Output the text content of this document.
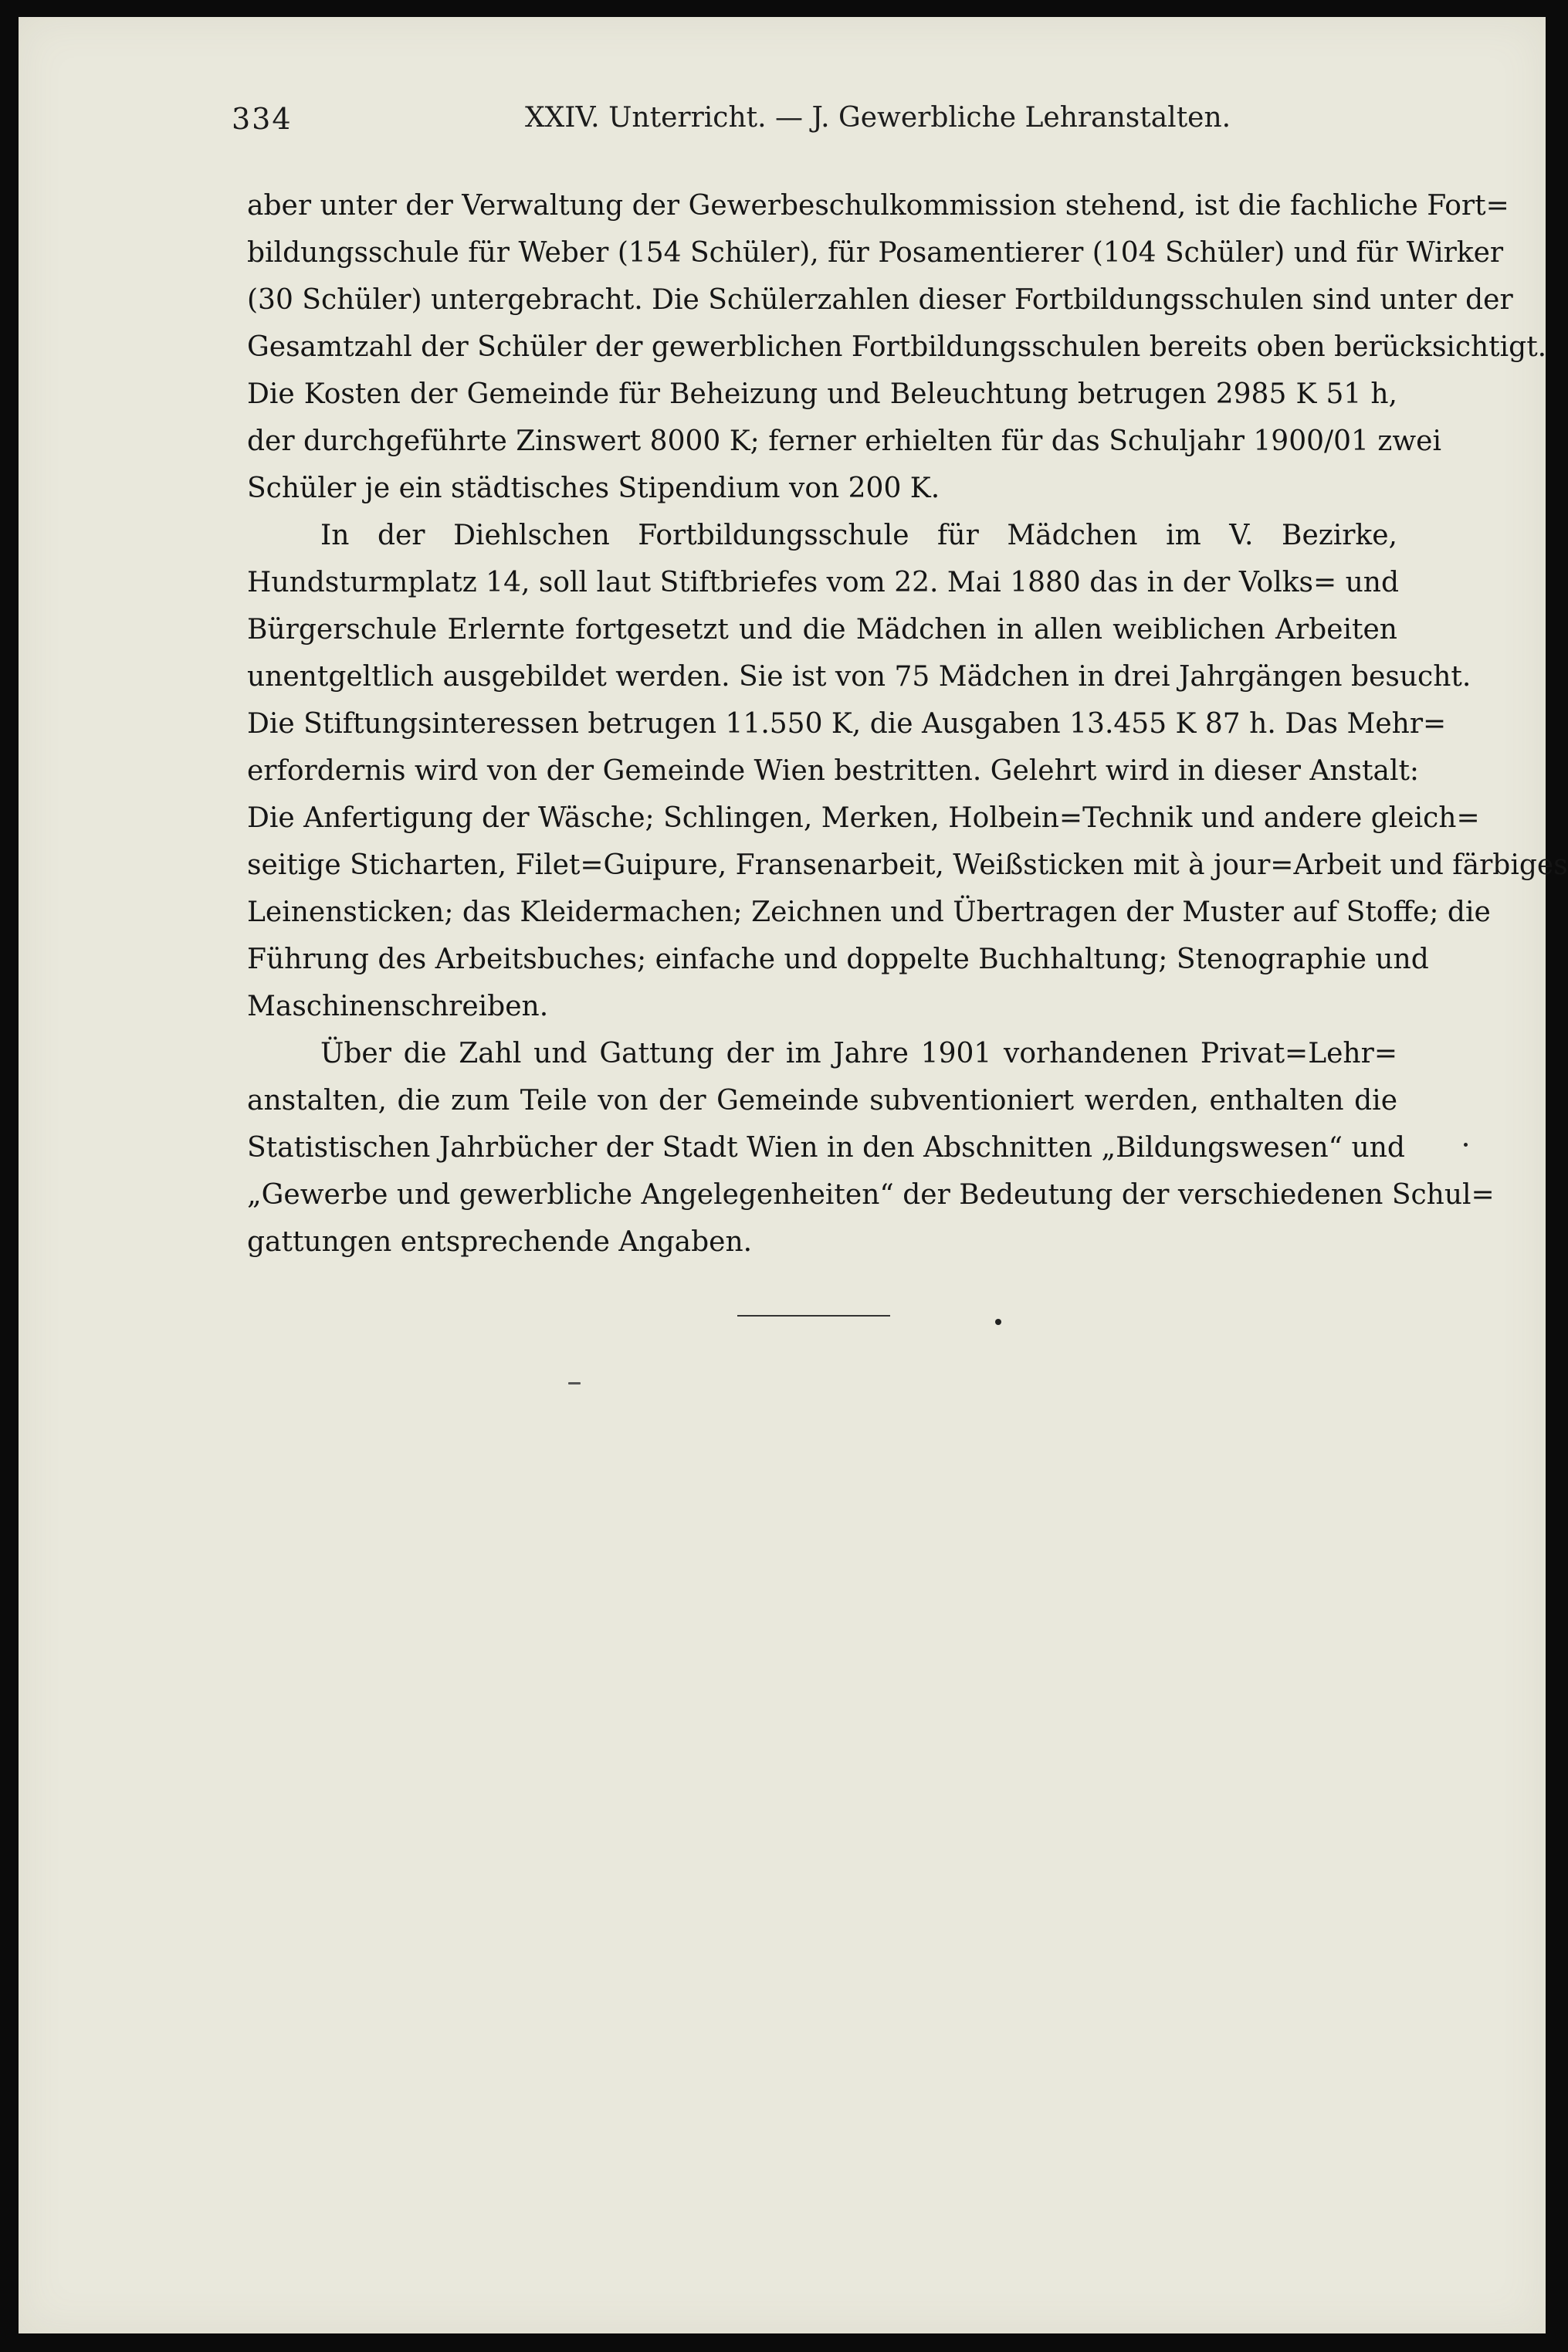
334	XXIV. Unterricht. — J. Gewerbliche Lehranstalten.
aber unter der Verwaltung der Gewerbeschulkommission stehend, ist die fachliche Fort=
bildungsschule für Weber (154 Schüler), für Posamentierer (104 Schüler) und für Wirker
(30 Schüler) untergebracht. Die Schülerzahlen dieser Fortbildungsschulen sind unter der
Gesamtzahl der Schüler der gewerblichen Fortbildungsschulen bereits oben berücksichtigt.
Die Kosten der Gemeinde für Beheizung und Beleuchtung betrugen 2985 K 51 h,
der durchgeführte Zinswert 8000 K; ferner erhielten für das Schuljahr 1900/01 zwei
Schüler je ein städtisches Stipendium von 200 K.
In der Diehlschen Fortbildungsschule für Mädchen im V. Bezirke,
Hundsturmplatz 14, soll laut Stiftbriefes vom 22. Mai 1880 das in der Volks= und
Bürgerschule Erlernte fortgesetzt und die Mädchen in allen weiblichen Arbeiten
unentgeltlich ausgebildet werden. Sie ist von 75 Mädchen in drei Jahrgängen besucht.
Die Stiftungsinteressen betrugen 11.550 K, die Ausgaben 13.455 K 87 h. Das Mehr=
erfordernis wird von der Gemeinde Wien bestritten. Gelehrt wird in dieser Anstalt:
Die Anfertigung der Wäsche; Schlingen, Merken, Holbein=Technik und andere gleich=
seitige Sticharten, Filet=Guipure, Fransenarbeit, Weißsticken mit à jour=Arbeit und färbiges
Leinensticken; das Kleidermachen; Zeichnen und Übertragen der Muster auf Stoffe; die
Führung des Arbeitsbuches; einfache und doppelte Buchhaltung; Stenographie und
Maschinenschreiben.
Über die Zahl und Gattung der im Jahre 1901 vorhandenen Privat=Lehr=
anstalten, die zum Teile von der Gemeinde subventioniert werden, enthalten die
Statistischen Jahrbücher der Stadt Wien in den Abschnitten „Bildungswesen“ und
„Gewerbe und gewerbliche Angelegenheiten“ der Bedeutung der verschiedenen Schul=
gattungen entsprechende Angaben.
